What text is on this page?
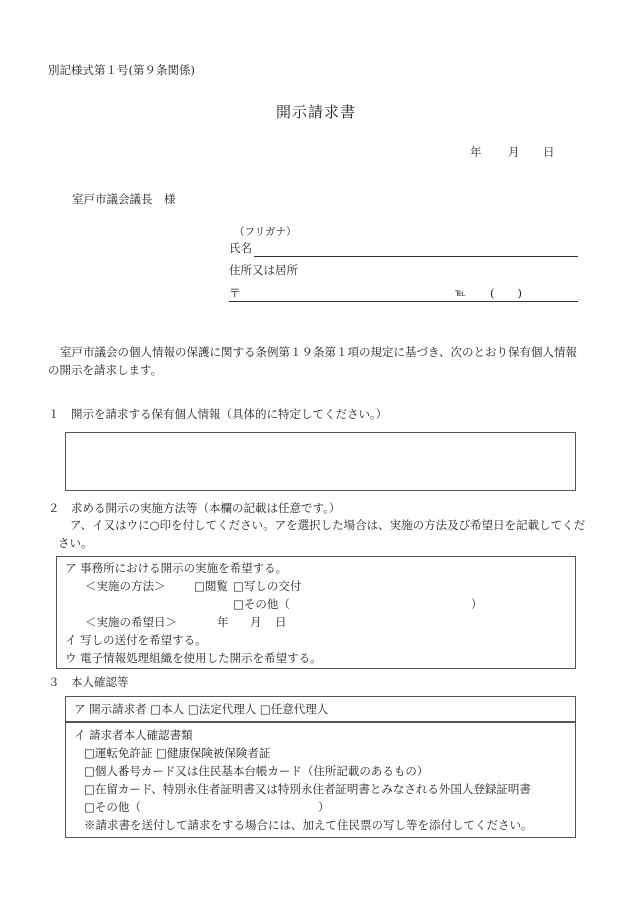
別記様式第１号(第９条関係)
開示請求書
年 月 日
室戸市議会議長　様
（フリガナ）
氏名
住所又は居所
〒	℡ (　　)
室戸市議会の個人情報の保護に関する条例第１９条第１項の規定に基づき、次のとおり保有個人情報の開示を請求します。
１　開示を請求する保有個人情報（具体的に特定してください。）
２　求める開示の実施方法等（本欄の記載は任意です。）
ア、イ又はウに○印を付してください。アを選択した場合は、実施の方法及び希望日を記載してください。
ア 事務所における開示の実施を希望する。
＜実施の方法＞ □閲覧 □写しの交付
□その他（	）
＜実施の希望日＞	年 月 日
イ 写しの送付を希望する。
ウ 電子情報処理組織を使用した開示を希望する。
３　本人確認等
ア 開示請求者 □本人 □法定代理人 □任意代理人
イ 請求者本人確認書類
□運転免許証 □健康保険被保険者証
□個人番号カード又は住民基本台帳カード（住所記載のあるもの）
□在留カード、特別永住者証明書又は特別永住者証明書とみなされる外国人登録証明書
□その他（	）
※請求書を送付して請求をする場合には、加えて住民票の写し等を添付してください。
